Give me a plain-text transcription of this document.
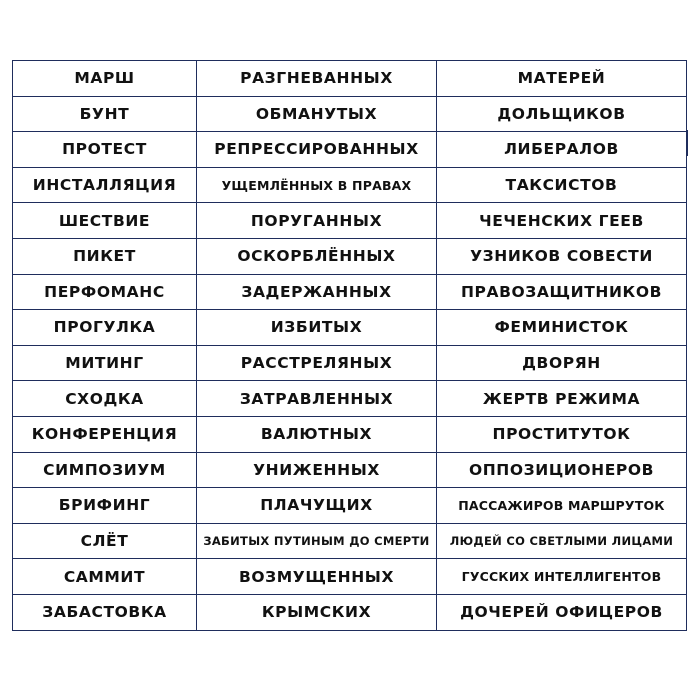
МАРШ	РАЗГНЕВАННЫХ	МАТЕРЕЙ
БУНТ	ОБМАНУТЫХ	ДОЛЬЩИКОВ
ПРОТЕСТ	РЕПРЕССИРОВАННЫХ	ЛИБЕРАЛОВ
ИНСТАЛЛЯЦИЯ	УЩЕМЛЁННЫХ В ПРАВАХ	ТАКСИСТОВ
ШЕСТВИЕ	ПОРУГАННЫХ	ЧЕЧЕНСКИХ ГЕЕВ
ПИКЕТ	ОСКОРБЛЁННЫХ	УЗНИКОВ СОВЕСТИ
ПЕРФОМАНС	ЗАДЕРЖАННЫХ	ПРАВОЗАЩИТНИКОВ
ПРОГУЛКА	ИЗБИТЫХ	ФЕМИНИСТОК
МИТИНГ	РАССТРЕЛЯНЫХ	ДВОРЯН
СХОДКА	ЗАТРАВЛЕННЫХ	ЖЕРТВ РЕЖИМА
КОНФЕРЕНЦИЯ	ВАЛЮТНЫХ	ПРОСТИТУТОК
СИМПОЗИУМ	УНИЖЕННЫХ	ОППОЗИЦИОНЕРОВ
БРИФИНГ	ПЛАЧУЩИХ	ПАССАЖИРОВ МАРШРУТОК
СЛЁТ	ЗАБИТЫХ ПУТИНЫМ ДО СМЕРТИ	ЛЮДЕЙ СО СВЕТЛЫМИ ЛИЦАМИ
САММИТ	ВОЗМУЩЕННЫХ	ГУССКИХ ИНТЕЛЛИГЕНТОВ
ЗАБАСТОВКА	КРЫМСКИХ	ДОЧЕРЕЙ ОФИЦЕРОВ
